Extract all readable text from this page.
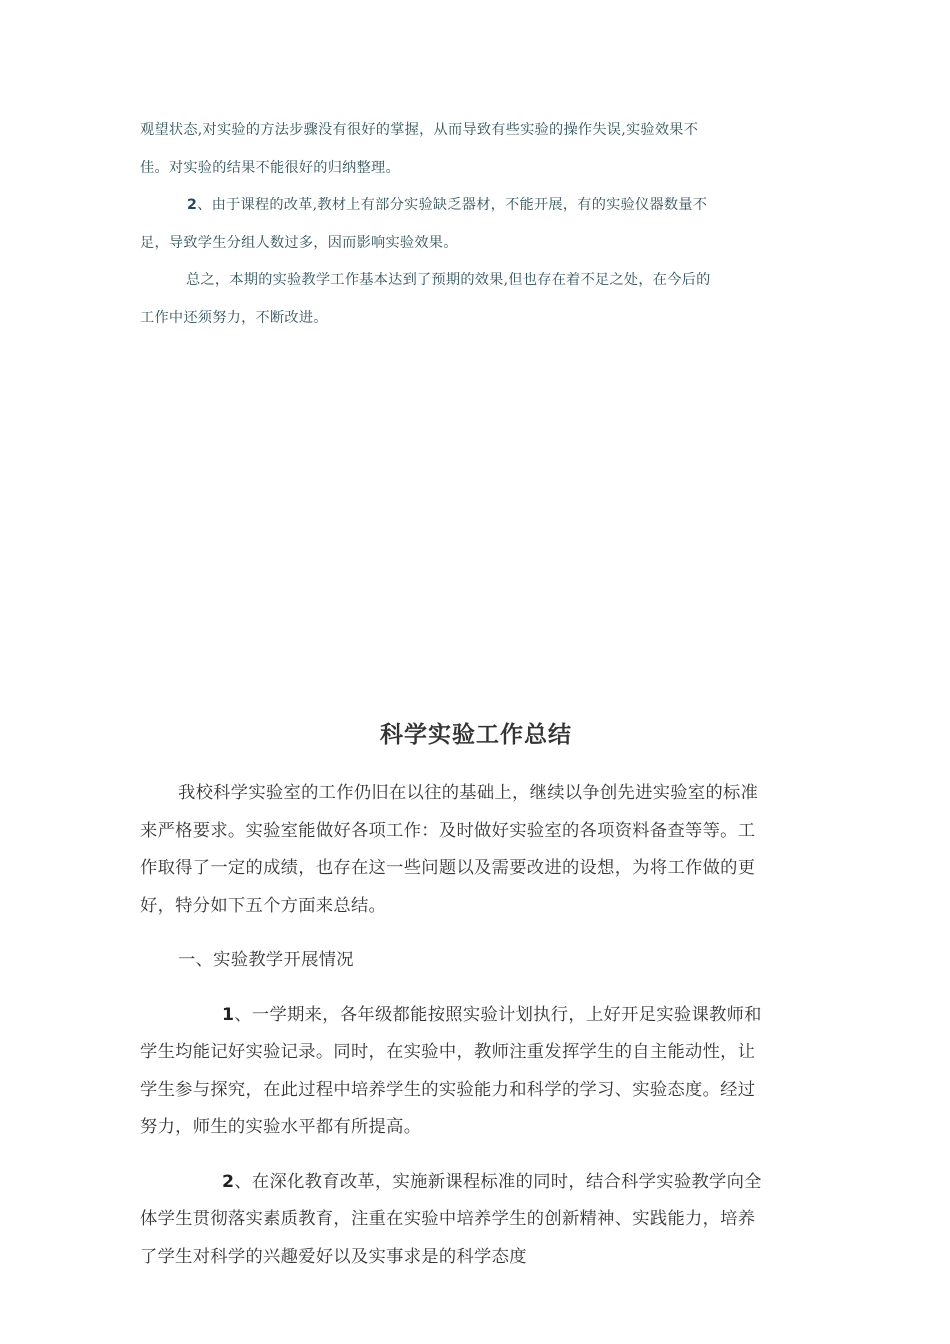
观望状态,对实验的方法步骤没有很好的掌握，从而导致有些实验的操作失误,实验效果不

佳。对实验的结果不能很好的归纳整理。

2、由于课程的改革,教材上有部分实验缺乏器材，不能开展，有的实验仪器数量不

足，导致学生分组人数过多，因而影响实验效果。

总之，本期的实验教学工作基本达到了预期的效果,但也存在着不足之处，在今后的

工作中还须努力，不断改进。

科学实验工作总结

我校科学实验室的工作仍旧在以往的基础上，继续以争创先进实验室的标准

来严格要求。实验室能做好各项工作：及时做好实验室的各项资料备查等等。工

作取得了一定的成绩，也存在这一些问题以及需要改进的设想，为将工作做的更

好，特分如下五个方面来总结。

一、实验教学开展情况

1、一学期来，各年级都能按照实验计划执行，上好开足实验课教师和

学生均能记好实验记录。同时，在实验中，教师注重发挥学生的自主能动性，让

学生参与探究，在此过程中培养学生的实验能力和科学的学习、实验态度。经过

努力，师生的实验水平都有所提高。

2、在深化教育改革，实施新课程标准的同时，结合科学实验教学向全

体学生贯彻落实素质教育，注重在实验中培养学生的创新精神、实践能力，培养

了学生对科学的兴趣爱好以及实事求是的科学态度
